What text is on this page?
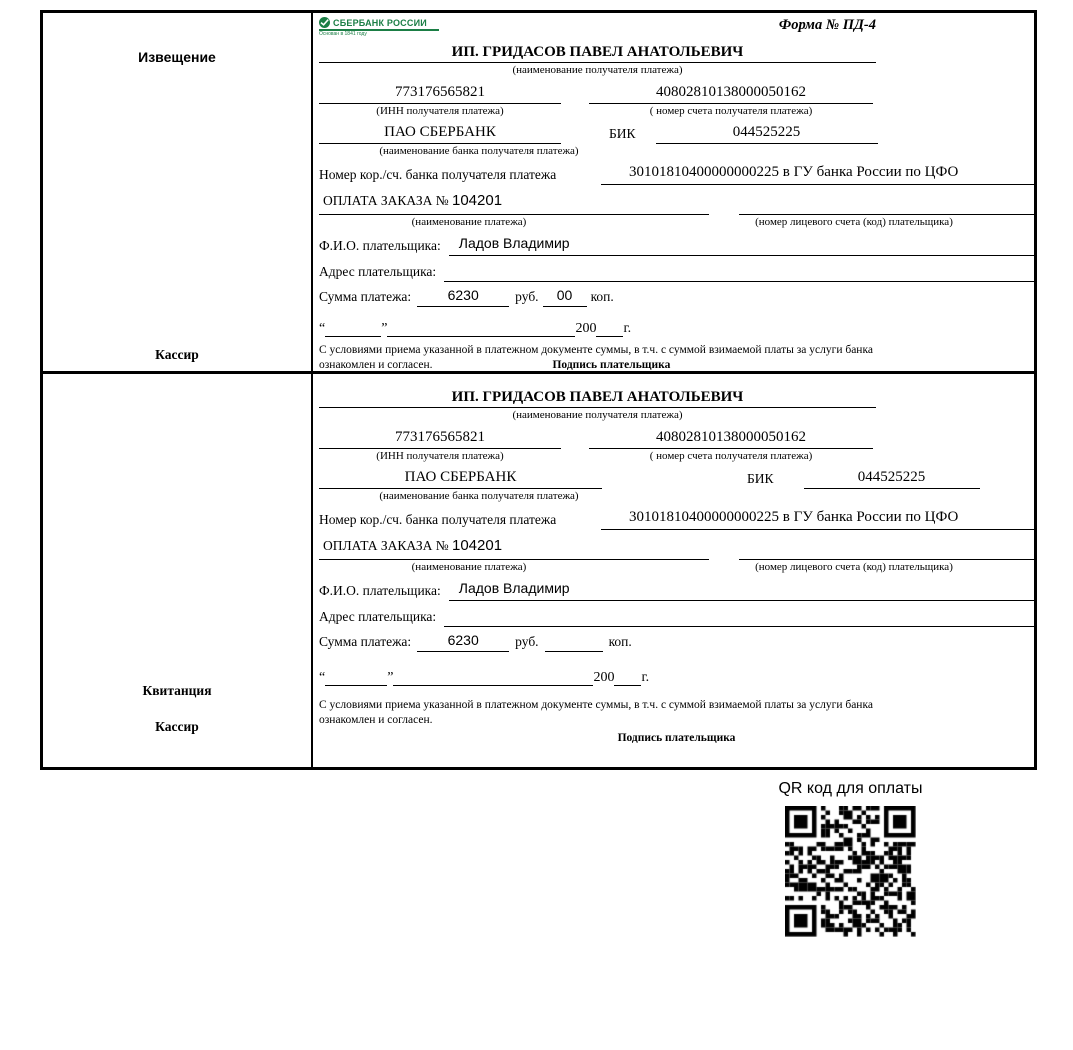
Извещение
Кассир
СБЕРБАНК РОССИИ
Основан в 1841 году
Форма № ПД-4
ИП. ГРИДАСОВ ПАВЕЛ АНАТОЛЬЕВИЧ
(наименование получателя платежа)
773176565821	40802810138000050162
(ИНН получателя платежа)	( номер счета получателя платежа)
ПАО СБЕРБАНК	БИК	044525225
(наименование банка получателя платежа)
Номер кор./сч. банка получателя платежа	30101810400000000225 в ГУ банка России по ЦФО
ОПЛАТА ЗАКАЗА № 104201
(наименование платежа)	(номер лицевого счета (код) плательщика)
Ф.И.О. плательщика:	Ладов Владимир
Адрес плательщика:
Сумма платежа:	6230	руб.	00	коп.
“	”	200 г.
С условиями приема указанной в платежном документе суммы, в т.ч. с суммой взимаемой платы за услуги банка
ознакомлен и согласен.	Подпись плательщика
Квитанция
Кассир
ИП. ГРИДАСОВ ПАВЕЛ АНАТОЛЬЕВИЧ
(наименование получателя платежа)
773176565821	40802810138000050162
(ИНН получателя платежа)	( номер счета получателя платежа)
ПАО СБЕРБАНК	БИК	044525225
(наименование банка получателя платежа)
Номер кор./сч. банка получателя платежа	30101810400000000225 в ГУ банка России по ЦФО
ОПЛАТА ЗАКАЗА № 104201
(наименование платежа)	(номер лицевого счета (код) плательщика)
Ф.И.О. плательщика:	Ладов Владимир
Адрес плательщика:
Сумма платежа:	6230	руб.	коп.
“	”	200 г.
С условиями приема указанной в платежном документе суммы, в т.ч. с суммой взимаемой платы за услуги банка
ознакомлен и согласен.
Подпись плательщика
QR код для оплаты
